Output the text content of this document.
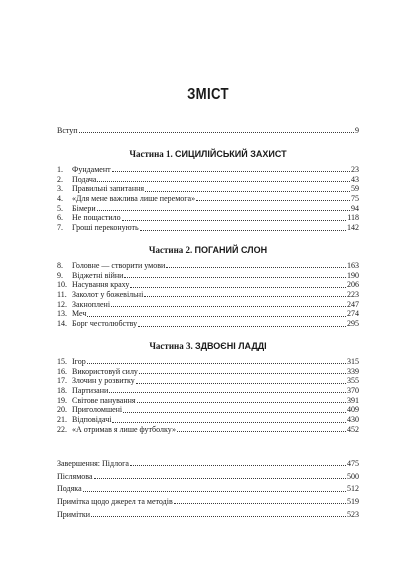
ЗМІСТ
Вступ	9
Частина 1. СИЦИЛІЙСЬКИЙ ЗАХИСТ
1.	Фундамент	23
2.	Подача	43
3.	Правильні запитання	59
4.	«Для мене важлива лише перемога»	75
5.	Бімери	94
6.	Не пощастило	118
7.	Гроші переконують	142
Частина 2. ПОГАНИЙ СЛОН
8.	Головне — створити умови	163
9.	Віджетні війни	190
10. Насування краху	206
11. Заколот у божевільні	223
12. Закноплені	247
13. Меч	274
14. Борг честолюбству	295
Частина 3. ЗДВОЄНІ ЛАДДІ
15. Ігор	315
16. Використовуй силу	339
17. Злочин у розвитку	355
18. Партизани	370
19. Світове панування	391
20. Приголомшені	409
21. Відповідачі	430
22. «А отримав я лише футболку»	452
Завершення: Підлога	475
Післямова	500
Подяка	512
Примітка щодо джерел та методів	519
Примітки	523
